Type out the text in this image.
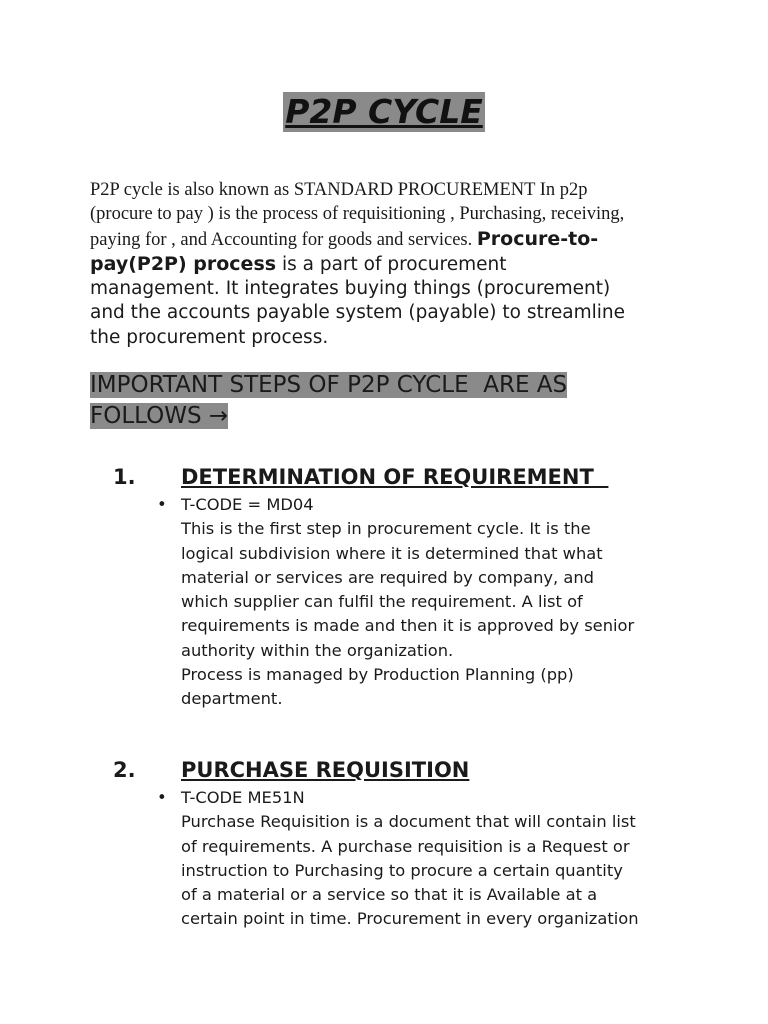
P2P CYCLE
P2P cycle is also known as STANDARD PROCUREMENT In p2p
(procure to pay ) is the process of requisitioning , Purchasing, receiving,
paying for , and Accounting for goods and services. Procure-to-
pay(P2P) process is a part of procurement
management. It integrates buying things (procurement)
and the accounts payable system (payable) to streamline
the procurement process.
IMPORTANT STEPS OF P2P CYCLE  ARE AS
FOLLOWS →
1. DETERMINATION OF REQUIREMENT
• T-CODE = MD04
This is the first step in procurement cycle. It is the
logical subdivision where it is determined that what
material or services are required by company, and
which supplier can fulfil the requirement. A list of
requirements is made and then it is approved by senior
authority within the organization.
Process is managed by Production Planning (pp)
department.
2. PURCHASE REQUISITION
• T-CODE ME51N
Purchase Requisition is a document that will contain list
of requirements. A purchase requisition is a Request or
instruction to Purchasing to procure a certain quantity
of a material or a service so that it is Available at a
certain point in time. Procurement in every organization
